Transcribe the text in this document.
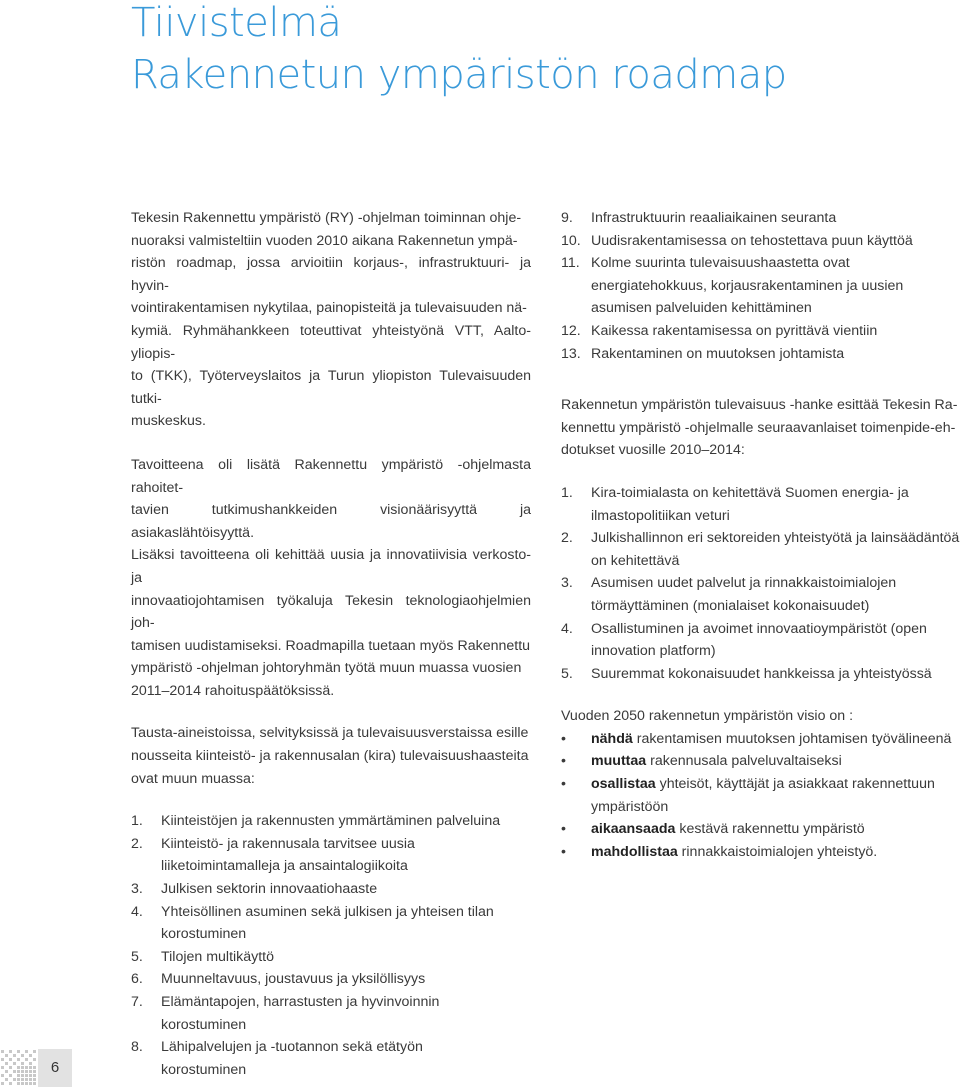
Tiivistelmä
Rakennetun ympäristön roadmap

Tekesin Rakennettu ympäristö (RY) -ohjelman toiminnan ohje-
nuoraksi valmisteltiin vuoden 2010 aikana Rakennetun ympä-
ristön roadmap, jossa arvioitiin korjaus-, infrastruktuuri- ja hyvin-
vointirakentamisen nykytilaa, painopisteitä ja tulevaisuuden nä-
kymiä. Ryhmähankkeen toteuttivat yhteistyönä VTT, Aalto-yliopis-
to (TKK), Työterveyslaitos ja Turun yliopiston Tulevaisuuden tutki-
muskeskus.

Tavoitteena oli lisätä Rakennettu ympäristö -ohjelmasta rahoitet-
tavien tutkimushankkeiden visionäärisyyttä ja asiakaslähtöisyyttä.
Lisäksi tavoitteena oli kehittää uusia ja innovatiivisia verkosto- ja
innovaatiojohtamisen työkaluja Tekesin teknologiaohjelmien joh-
tamisen uudistamiseksi. Roadmapilla tuetaan myös Rakennettu
ympäristö -ohjelman johtoryhmän työtä muun muassa vuosien
2011–2014 rahoituspäätöksissä.

Tausta-aineistoissa, selvityksissä ja tulevaisuusverstaissa esille
nousseita kiinteistö- ja rakennusalan (kira) tulevaisuushaasteita
ovat muun muassa:

1. Kiinteistöjen ja rakennusten ymmärtäminen palveluina
2. Kiinteistö- ja rakennusala tarvitsee uusia
liiketoimintamalleja ja ansaintalogiikoita
3. Julkisen sektorin innovaatiohaaste
4. Yhteisöllinen asuminen sekä julkisen ja yhteisen tilan
korostuminen
5. Tilojen multikäyttö
6. Muunneltavuus, joustavuus ja yksilöllisyys
7. Elämäntapojen, harrastusten ja hyvinvoinnin
korostuminen
8. Lähipalvelujen ja -tuotannon sekä etätyön
korostuminen
9. Infrastruktuurin reaaliaikainen seuranta
10. Uudisrakentamisessa on tehostettava puun käyttöä
11. Kolme suurinta tulevaisuushaastetta ovat
energiatehokkuus, korjausrakentaminen ja uusien
asumisen palveluiden kehittäminen
12. Kaikessa rakentamisessa on pyrittävä vientiin
13. Rakentaminen on muutoksen johtamista

Rakennetun ympäristön tulevaisuus -hanke esittää Tekesin Ra-
kennettu ympäristö -ohjelmalle seuraavanlaiset toimenpide-eh-
dotukset vuosille 2010–2014:

1. Kira-toimialasta on kehitettävä Suomen energia- ja
ilmastopolitiikan veturi
2. Julkishallinnon eri sektoreiden yhteistyötä ja lainsäädäntöä
on kehitettävä
3. Asumisen uudet palvelut ja rinnakkaistoimialojen
törmäyttäminen (monialaiset kokonaisuudet)
4. Osallistuminen ja avoimet innovaatioympäristöt (open
innovation platform)
5. Suuremmat kokonaisuudet hankkeissa ja yhteistyössä

Vuoden 2050 rakennetun ympäristön visio on :

• nähdä rakentamisen muutoksen johtamisen työvälineenä
• muuttaa rakennusala palveluvaltaiseksi
• osallistaa yhteisöt, käyttäjät ja asiakkaat rakennettuun
ympäristöön
• aikaansaada kestävä rakennettu ympäristö
• mahdollistaa rinnakkaistoimialojen yhteistyö.
6
